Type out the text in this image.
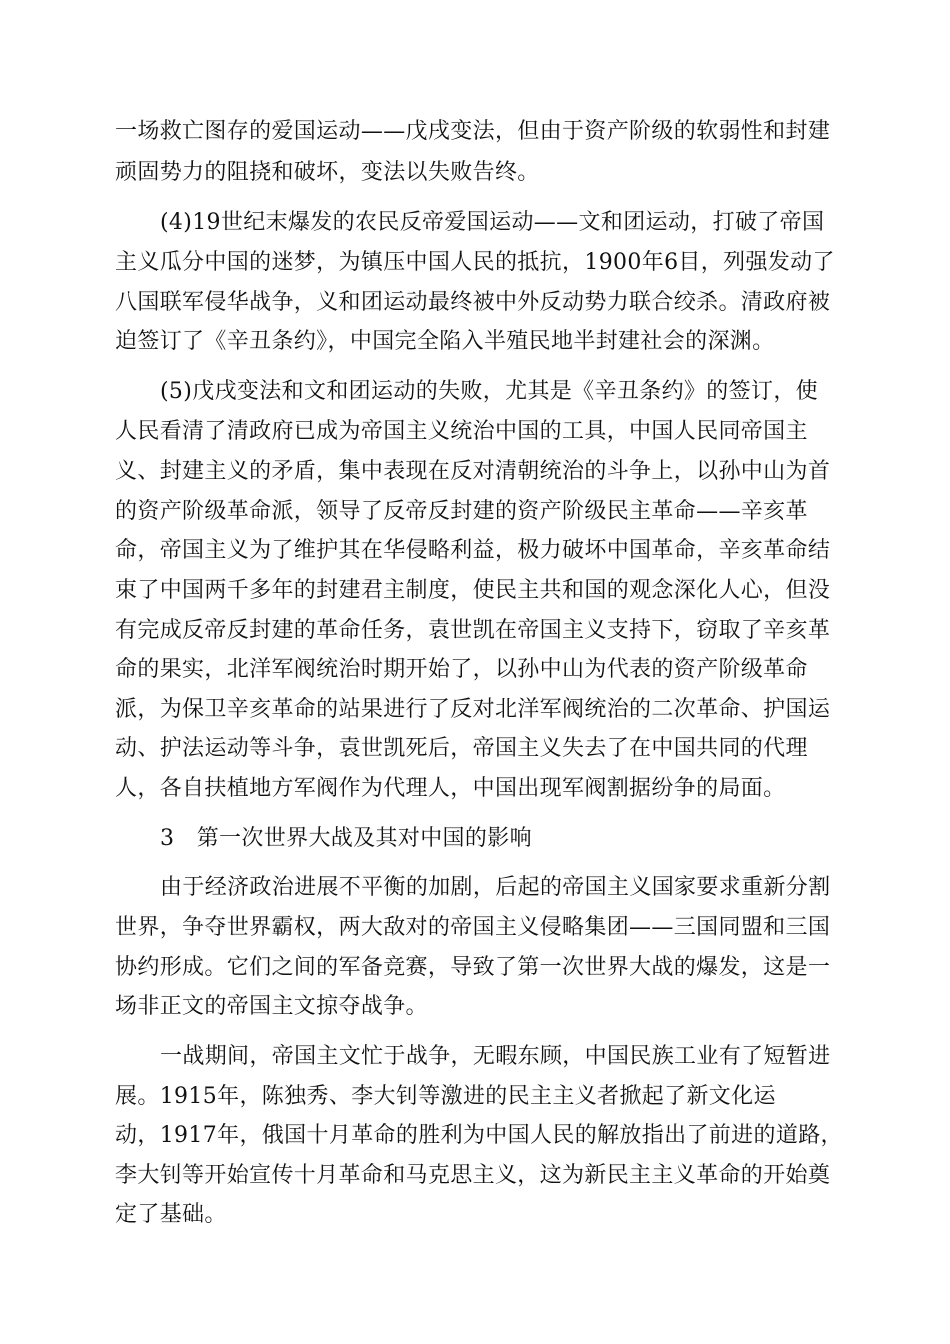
一场救亡图存的爱国运动——戊戌变法，但由于资产阶级的软弱性和封建
顽固势力的阻挠和破坏，变法以失败告终。
(4)19世纪末爆发的农民反帝爱国运动——文和团运动，打破了帝国
主义瓜分中国的迷梦，为镇压中国人民的抵抗，1900年6目，列强发动了
八国联军侵华战争，义和团运动最终被中外反动势力联合绞杀。清政府被
迫签订了《辛丑条约》，中国完全陷入半殖民地半封建社会的深渊。
(5)戊戌变法和文和团运动的失败，尤其是《辛丑条约》的签订，使
人民看清了清政府已成为帝国主义统治中国的工具，中国人民同帝国主
义、封建主义的矛盾，集中表现在反对清朝统治的斗争上，以孙中山为首
的资产阶级革命派，领导了反帝反封建的资产阶级民主革命——辛亥革
命，帝国主义为了维护其在华侵略利益，极力破坏中国革命，辛亥革命结
束了中国两千多年的封建君主制度，使民主共和国的观念深化人心，但没
有完成反帝反封建的革命任务，袁世凯在帝国主义支持下，窃取了辛亥革
命的果实，北洋军阀统治时期开始了，以孙中山为代表的资产阶级革命
派，为保卫辛亥革命的站果进行了反对北洋军阀统治的二次革命、护国运
动、护法运动等斗争，袁世凯死后，帝国主义失去了在中国共同的代理
人，各自扶植地方军阀作为代理人，中国出现军阀割据纷争的局面。
3　第一次世界大战及其对中国的影响
由于经济政治进展不平衡的加剧，后起的帝国主义国家要求重新分割
世界，争夺世界霸权，两大敌对的帝国主义侵略集团——三国同盟和三国
协约形成。它们之间的军备竞赛，导致了第一次世界大战的爆发，这是一
场非正文的帝国主文掠夺战争。
一战期间，帝国主文忙于战争，无暇东顾，中国民族工业有了短暂进
展。1915年，陈独秀、李大钊等激进的民主主义者掀起了新文化运
动，1917年，俄国十月革命的胜利为中国人民的解放指出了前进的道路，
李大钊等开始宣传十月革命和马克思主义，这为新民主主义革命的开始奠
定了基础。
